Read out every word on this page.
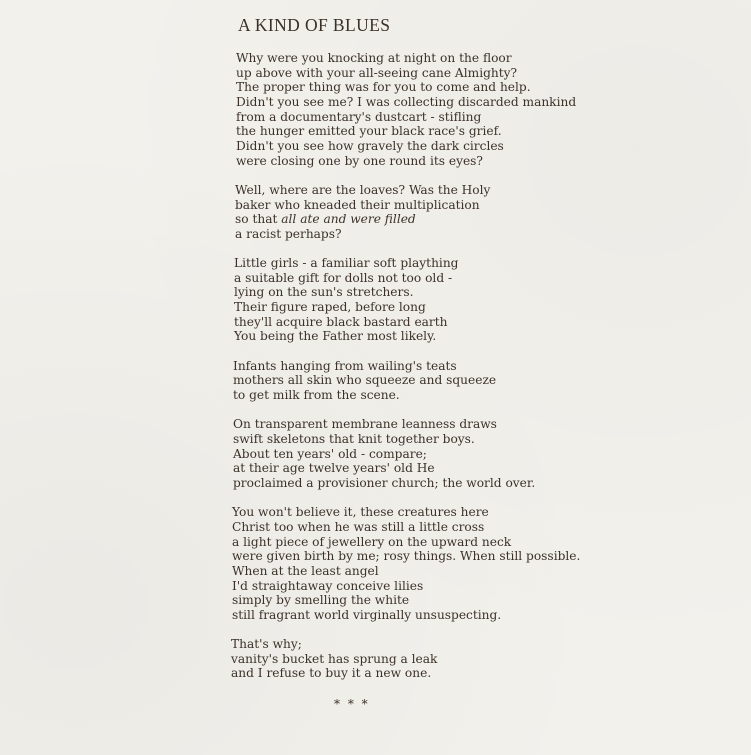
A KIND OF BLUES
Why were you knocking at night on the floor
up above with your all-seeing cane Almighty?
The proper thing was for you to come and help.
Didn't you see me? I was collecting discarded mankind
from a documentary's dustcart - stifling
the hunger emitted your black race's grief.
Didn't you see how gravely the dark circles
were closing one by one round its eyes?
Well, where are the loaves? Was the Holy
baker who kneaded their multiplication
so that all ate and were filled
a racist perhaps?
Little girls - a familiar soft plaything
a suitable gift for dolls not too old -
lying on the sun's stretchers.
Their figure raped, before long
they'll acquire black bastard earth
You being the Father most likely.
Infants hanging from wailing's teats
mothers all skin who squeeze and squeeze
to get milk from the scene.
On transparent membrane leanness draws
swift skeletons that knit together boys.
About ten years' old - compare;
at their age twelve years' old He
proclaimed a provisioner church; the world over.
You won't believe it, these creatures here
Christ too when he was still a little cross
a light piece of jewellery on the upward neck
were given birth by me; rosy things. When still possible.
When at the least angel
I'd straightaway conceive lilies
simply by smelling the white
still fragrant world virginally unsuspecting.
That's why;
vanity's bucket has sprung a leak
and I refuse to buy it a new one.
* * *
